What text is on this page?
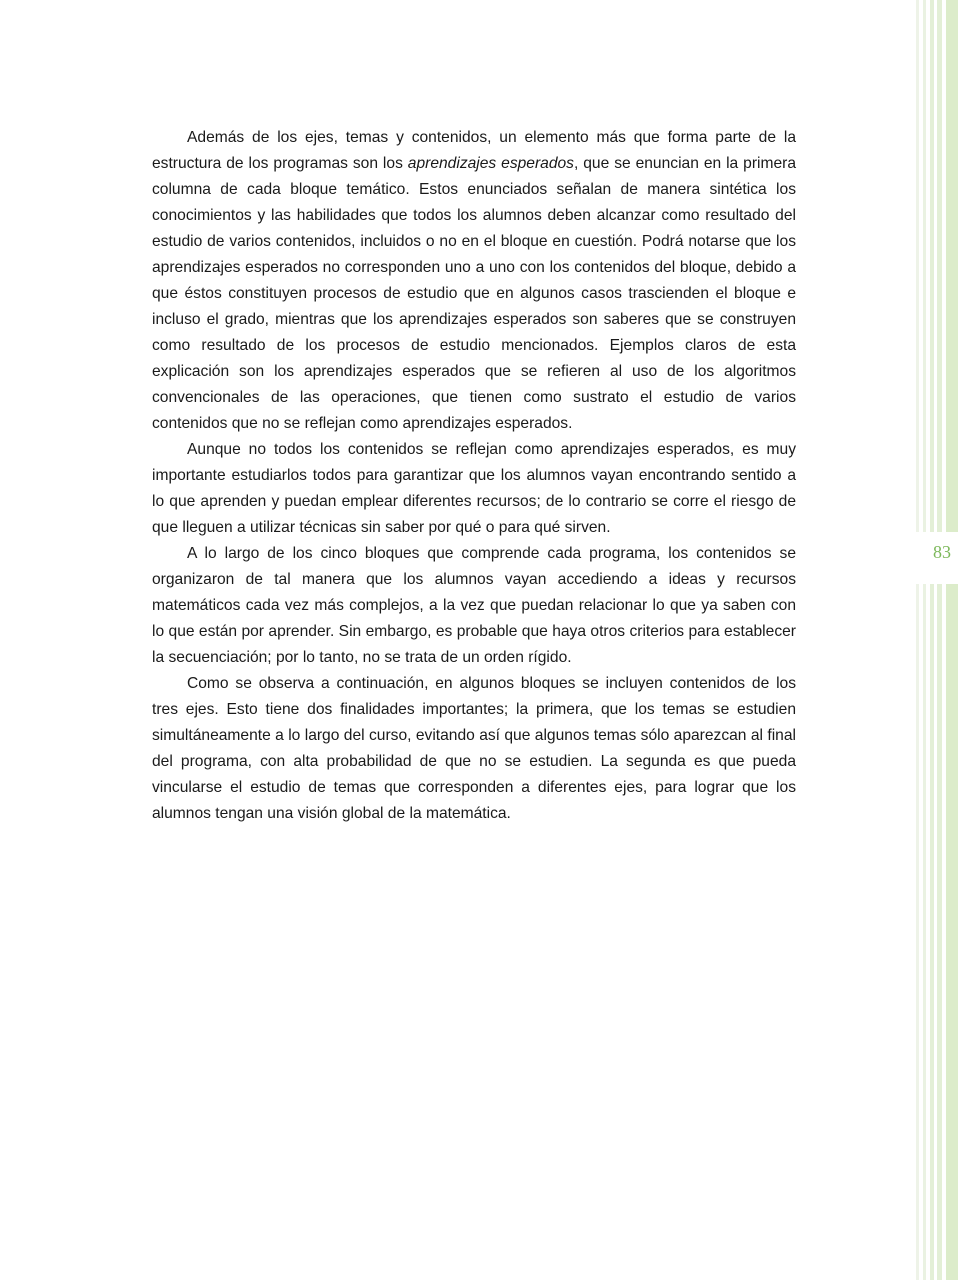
83

Además de los ejes, temas y contenidos, un elemento más que forma parte de la estructura de los programas son los aprendizajes esperados, que se enuncian en la primera columna de cada bloque temático. Estos enunciados señalan de manera sintética los conocimientos y las habilidades que todos los alumnos deben alcanzar como resultado del estudio de varios contenidos, incluidos o no en el bloque en cuestión. Podrá notarse que los aprendizajes esperados no corresponden uno a uno con los contenidos del bloque, debido a que éstos constituyen procesos de estudio que en algunos casos trascienden el bloque e incluso el grado, mientras que los aprendizajes esperados son saberes que se construyen como resultado de los procesos de estudio mencionados. Ejemplos claros de esta explicación son los aprendizajes esperados que se refieren al uso de los algoritmos convencionales de las operaciones, que tienen como sustrato el estudio de varios contenidos que no se reflejan como aprendizajes esperados.

Aunque no todos los contenidos se reflejan como aprendizajes esperados, es muy importante estudiarlos todos para garantizar que los alumnos vayan encontrando sentido a lo que aprenden y puedan emplear diferentes recursos; de lo contrario se corre el riesgo de que lleguen a utilizar técnicas sin saber por qué o para qué sirven.

A lo largo de los cinco bloques que comprende cada programa, los contenidos se organizaron de tal manera que los alumnos vayan accediendo a ideas y recursos matemáticos cada vez más complejos, a la vez que puedan relacionar lo que ya saben con lo que están por aprender. Sin embargo, es probable que haya otros criterios para establecer la secuenciación; por lo tanto, no se trata de un orden rígido.

Como se observa a continuación, en algunos bloques se incluyen contenidos de los tres ejes. Esto tiene dos finalidades importantes; la primera, que los temas se estudien simultáneamente a lo largo del curso, evitando así que algunos temas sólo aparezcan al final del programa, con alta probabilidad de que no se estudien. La segunda es que pueda vincularse el estudio de temas que corresponden a diferentes ejes, para lograr que los alumnos tengan una visión global de la matemática.
